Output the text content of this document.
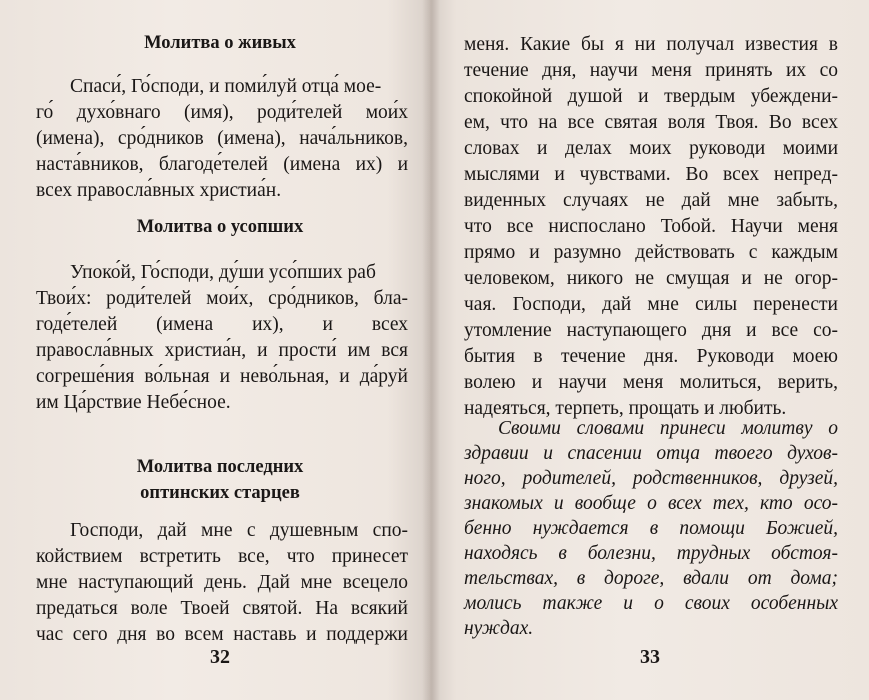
Молитва о живых
Спаси́, Го́споди, и поми́луй отца́ мое-
го́ духо́внаго (имя), роди́телей мои́х
(имена), сро́дников (имена), нача́льников,
наста́вников, благоде́телей (имена их) и
всех правосла́вных христиа́н.
Молитва о усопших
Упоко́й, Го́споди, ду́ши усо́пших раб
Твои́х: роди́телей мои́х, сро́дников, бла-
годе́телей (имена их), и всех
правосла́вных христиа́н, и прости́ им вся
согреше́ния во́льная и нево́льная, и да́руй
им Ца́рствие Небе́сное.
Молитва последних
оптинских старцев
Господи, дай мне с душевным спо-
койствием встретить все, что принесет
мне наступающий день. Дай мне всецело
предаться воле Твоей святой. На всякий
час сего дня во всем наставь и поддержи

32

меня. Какие бы я ни получал известия в
течение дня, научи меня принять их со
спокойной душой и твердым убеждени-
ем, что на все святая воля Твоя. Во всех
словах и делах моих руководи моими
мыслями и чувствами. Во всех непред-
виденных случаях не дай мне забыть,
что все ниспослано Тобой. Научи меня
прямо и разумно действовать с каждым
человеком, никого не смущая и не огор-
чая. Господи, дай мне силы перенести
утомление наступающего дня и все со-
бытия в течение дня. Руководи моею
волею и научи меня молиться, верить,
надеяться, терпеть, прощать и любить.
Своими словами принеси молитву о
здравии и спасении отца твоего духов-
ного, родителей, родственников, друзей,
знакомых и вообще о всех тех, кто осо-
бенно нуждается в помощи Божией,
находясь в болезни, трудных обстоя-
тельствах, в дороге, вдали от дома;
молись также и о своих особенных
нуждах.

33
